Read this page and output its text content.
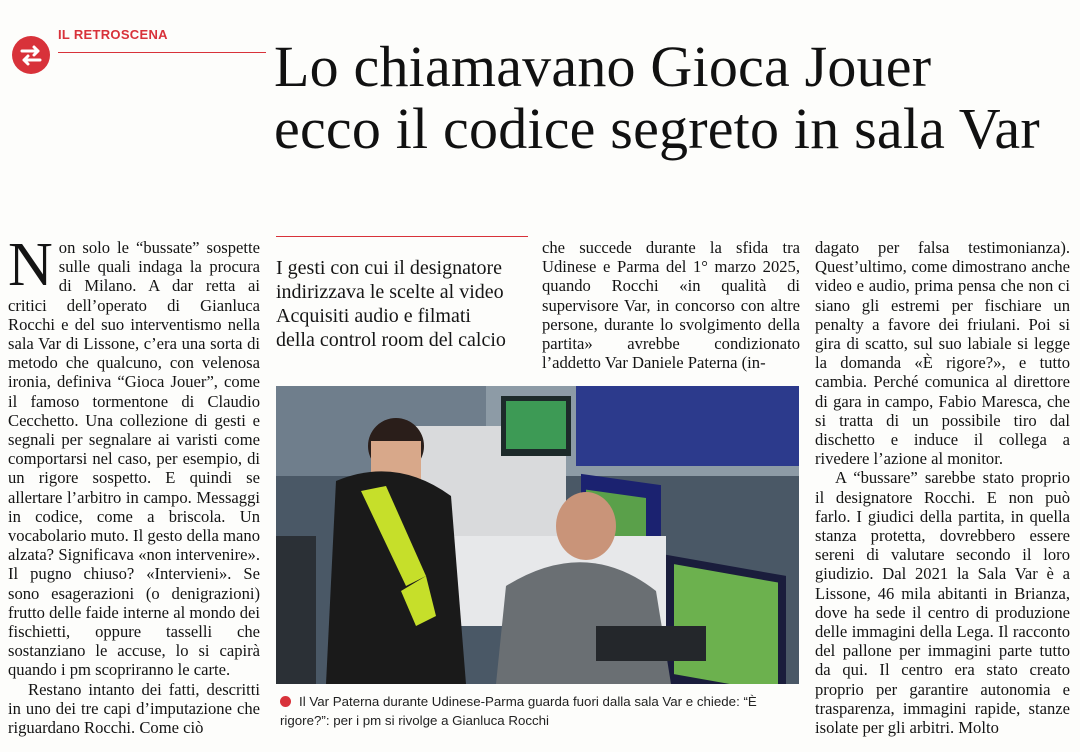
IL RETROSCENA Lo chiamavano Gioca Jouer
ecco il codice segreto in sala Var

Non solo le “bussate” sospette sulle quali indaga la procura di Milano. A dar retta ai critici dell’operato di Gianluca Rocchi e del suo interventismo nella sala Var di Lissone, c’era una sorta di metodo che qualcuno, con velenosa ironia, definiva “Gioca Jouer”, come il famoso tormentone di Claudio Cecchetto. Una collezione di gesti e segnali per segnalare ai varisti come comportarsi nel caso, per esempio, di un rigore sospetto. E quindi se allertare l’arbitro in campo. Messaggi in codice, come a briscola. Un vocabolario muto. Il gesto della mano alzata? Significava «non intervenire». Il pugno chiuso? «Intervieni». Se sono esagerazioni (o denigrazioni) frutto delle faide interne al mondo dei fischietti, oppure tasselli che sostanziano le accuse, lo si capirà quando i pm scopriranno le carte.

Restano intanto dei fatti, descritti in uno dei tre capi d’imputazione che riguardano Rocchi. Come ciò

I gesti con cui il designatore
indirizzava le scelte al video
Acquisiti audio e filmati
della control room del calcio

che succede durante la sfida tra Udinese e Parma del 1° marzo 2025, quando Rocchi «in qualità di supervisore Var, in concorso con altre persone, durante lo svolgimento della partita» avrebbe condizionato l’addetto Var Daniele Paterna (in-

dagato per falsa testimonianza). Quest’ultimo, come dimostrano anche video e audio, prima pensa che non ci siano gli estremi per fischiare un penalty a favore dei friulani. Poi si gira di scatto, sul suo labiale si legge la domanda «È rigore?», e tutto cambia. Perché comunica al direttore di gara in campo, Fabio Maresca, che si tratta di un possibile tiro dal dischetto e induce il collega a rivedere l’azione al monitor.

A “bussare” sarebbe stato proprio il designatore Rocchi. E non può farlo. I giudici della partita, in quella stanza protetta, dovrebbero essere sereni di valutare secondo il loro giudizio. Dal 2021 la Sala Var è a Lissone, 46 mila abitanti in Brianza, dove ha sede il centro di produzione delle immagini della Lega. Il racconto del pallone per immagini parte tutto da qui. Il centro era stato creato proprio per garantire autonomia e trasparenza, immagini rapide, stanze isolate per gli arbitri. Molto

Il Var Paterna durante Udinese-Parma guarda fuori dalla sala Var e chiede: “È rigore?”: per i pm si rivolge a Gianluca Rocchi
